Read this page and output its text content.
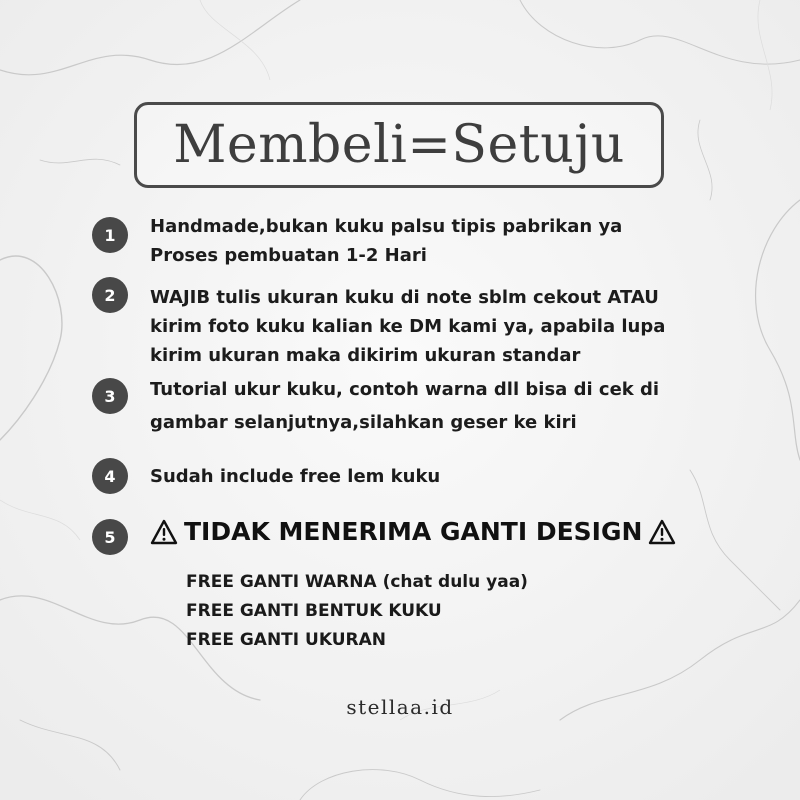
Membeli=Setuju
1 Handmade,bukan kuku palsu tipis pabrikan ya
Proses pembuatan 1-2 Hari
2 WAJIB tulis ukuran kuku di note sblm cekout ATAU
kirim foto kuku kalian ke DM kami ya, apabila lupa
kirim ukuran maka dikirim ukuran standar
3 Tutorial ukur kuku, contoh warna dll bisa di cek di
gambar selanjutnya,silahkan geser ke kiri
4 Sudah include free lem kuku
5	TIDAK MENERIMA GANTI DESIGN
FREE GANTI WARNA (chat dulu yaa)
FREE GANTI BENTUK KUKU
FREE GANTI UKURAN
stellaa.id
